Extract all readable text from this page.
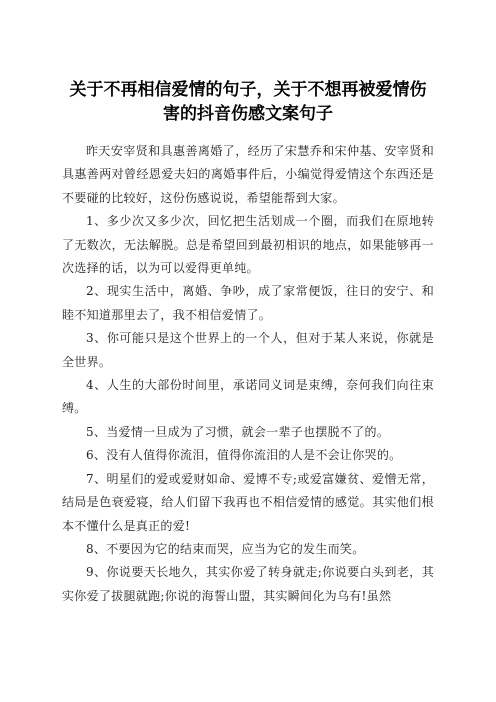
关于不再相信爱情的句子，关于不想再被爱情伤害的抖音伤感文案句子

昨天安宰贤和具惠善离婚了，经历了宋慧乔和宋仲基、安宰贤和具惠善两对曾经恩爱夫妇的离婚事件后，小编觉得爱情这个东西还是不要碰的比较好，这份伤感说说，希望能帮到大家。

1、多少次又多少次，回忆把生活划成一个圈，而我们在原地转了无数次，无法解脱。总是希望回到最初相识的地点，如果能够再一次选择的话，以为可以爱得更单纯。

2、现实生活中，离婚、争吵，成了家常便饭，往日的安宁、和睦不知道那里去了，我不相信爱情了。

3、你可能只是这个世界上的一个人，但对于某人来说，你就是全世界。

4、人生的大部份时间里，承诺同义词是束缚，奈何我们向往束缚。

5、当爱情一旦成为了习惯，就会一辈子也摆脱不了的。

6、没有人值得你流泪，值得你流泪的人是不会让你哭的。

7、明星们的爱或爱财如命、爱博不专;或爱富嫌贫、爱憎无常，结局是色衰爱寝，给人们留下我再也不相信爱情的感觉。其实他们根本不懂什么是真正的爱!

8、不要因为它的结束而哭，应当为它的发生而笑。

9、你说要天长地久，其实你爱了转身就走;你说要白头到老，其实你爱了拔腿就跑;你说的海誓山盟，其实瞬间化为乌有!虽然
